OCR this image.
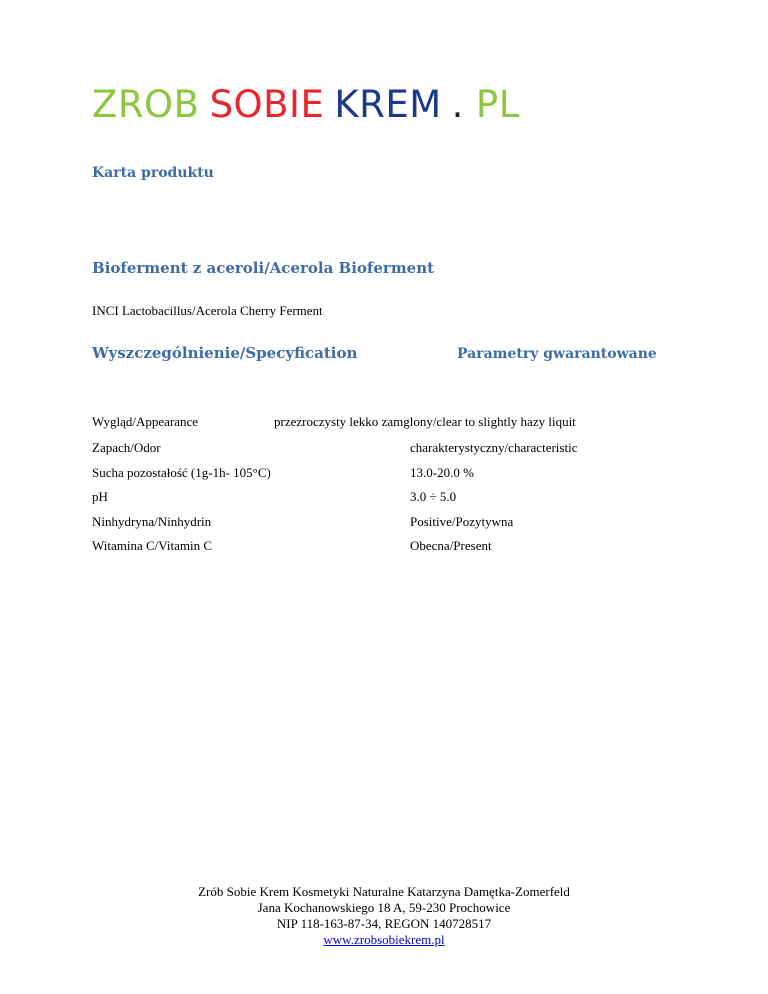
ZROB SOBIE KREM . PL
Karta produktu
Bioferment z aceroli/Acerola Bioferment
INCI Lactobacillus/Acerola Cherry Ferment
Wyszczególnienie/Specyfication	Parametry gwarantowane
Wygląd/Appearance	przezroczysty lekko zamglony/clear to slightly hazy liquit
Zapach/Odor	charakterystyczny/characteristic
Sucha pozostałość (1g-1h- 105°C)	13.0-20.0 %
pH	3.0 ÷ 5.0
Ninhydryna/Ninhydrin	Positive/Pozytywna
Witamina C/Vitamin C	Obecna/Present
Zrób Sobie Krem Kosmetyki Naturalne Katarzyna Damętka-Zomerfeld
Jana Kochanowskiego 18 A, 59-230 Prochowice
NIP 118-163-87-34, REGON 140728517
www.zrobsobiekrem.pl
